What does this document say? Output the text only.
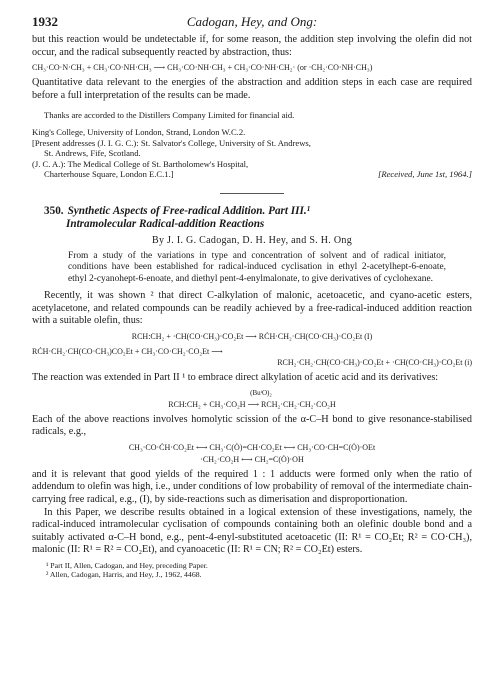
1932	Cadogan, Hey, and Ong:

but this reaction would be undetectable if, for some reason, the addition step involving the olefin did not occur, and the radical subsequently reacted by abstraction, thus:

CH₃·CO·N·CH₃ + CH₃·CO·NH·CH₃ ⟶ CH₃·CO·NH·CH₃ + CH₃·CO·NH·CH₂· (or ·CH₂·CO·NH·CH₃)

Quantitative data relevant to the energies of the abstraction and addition steps in each case are required before a full interpretation of the results can be made.

Thanks are accorded to the Distillers Company Limited for financial aid.

King's College, University of London, Strand, London W.C.2.
[Present addresses (J. I. G. C.): St. Salvator's College, University of St. Andrews,
St. Andrews, Fife, Scotland.
(J. C. A.): The Medical College of St. Bartholomew's Hospital,
Charterhouse Square, London E.C.1.]	[Received, June 1st, 1964.]
350. Synthetic Aspects of Free-radical Addition. Part III.¹
Intramolecular Radical-addition Reactions
By J. I. G. Cadogan, D. H. Hey, and S. H. Ong

From a study of the variations in type and concentration of solvent and of radical initiator, conditions have been established for radical-induced cyclisation in ethyl 2-acetylhept-6-enoate, ethyl 2-cyanohept-6-enoate, and diethyl pent-4-enylmalonate, to give derivatives of cyclohexane.

Recently, it was shown ² that direct C-alkylation of malonic, acetoacetic, and cyano-acetic esters, acetylacetone, and related compounds can be readily achieved by a free-radical-induced addition reaction with a suitable olefin, thus:

RCH:CH₂ + ·CH(CO·CH₃)·CO₂Et ⟶ RĊH·CH₂·CH(CO·CH₃)·CO₂Et (I)
RĊH·CH₂·CH(CO·CH₃)CO₂Et + CH₃·CO·CH₂·CO₂Et ⟶
RCH₂·CH₂·CH(CO·CH₃)·CO₂Et + ·CH(CO·CH₃)·CO₂Et (i)

The reaction was extended in Part II ¹ to embrace direct alkylation of acetic acid and its derivatives:

(BuᵗO)₂
RCH:CH₂ + CH₃·CO₂H ⟶ RCH₂·CH₂·CH₂·CO₂H

Each of the above reactions involves homolytic scission of the α-C–H bond to give resonance-stabilised radicals, e.g.,

CH₃·CO·ĊH·CO₂Et ⟷ CH₃·C(Ȯ)=CH·CO₂Et ⟷ CH₃·CO·CH=C(Ȯ)·OEt
·CH₂·CO₂H ⟷ CH₂=C(Ȯ)·OH

and it is relevant that good yields of the required 1 : 1 adducts were formed only when the ratio of addendum to olefin was high, i.e., under conditions of low probability of removal of the intermediate chain-carrying free radical, e.g., (I), by side-reactions such as dimerisation and disproportionation.

In this Paper, we describe results obtained in a logical extension of these investigations, namely, the radical-induced intramolecular cyclisation of compounds containing both an olefinic double bond and a suitably activated α-C–H bond, e.g., pent-4-enyl-substituted acetoacetic (II: R¹ = CO₂Et; R² = CO·CH₃), malonic (II: R¹ = R² = CO₂Et), and cyanoacetic (II: R¹ = CN; R² = CO₂Et) esters.

¹ Part II, Allen, Cadogan, and Hey, preceding Paper.
² Allen, Cadogan, Harris, and Hey, J., 1962, 4468.
